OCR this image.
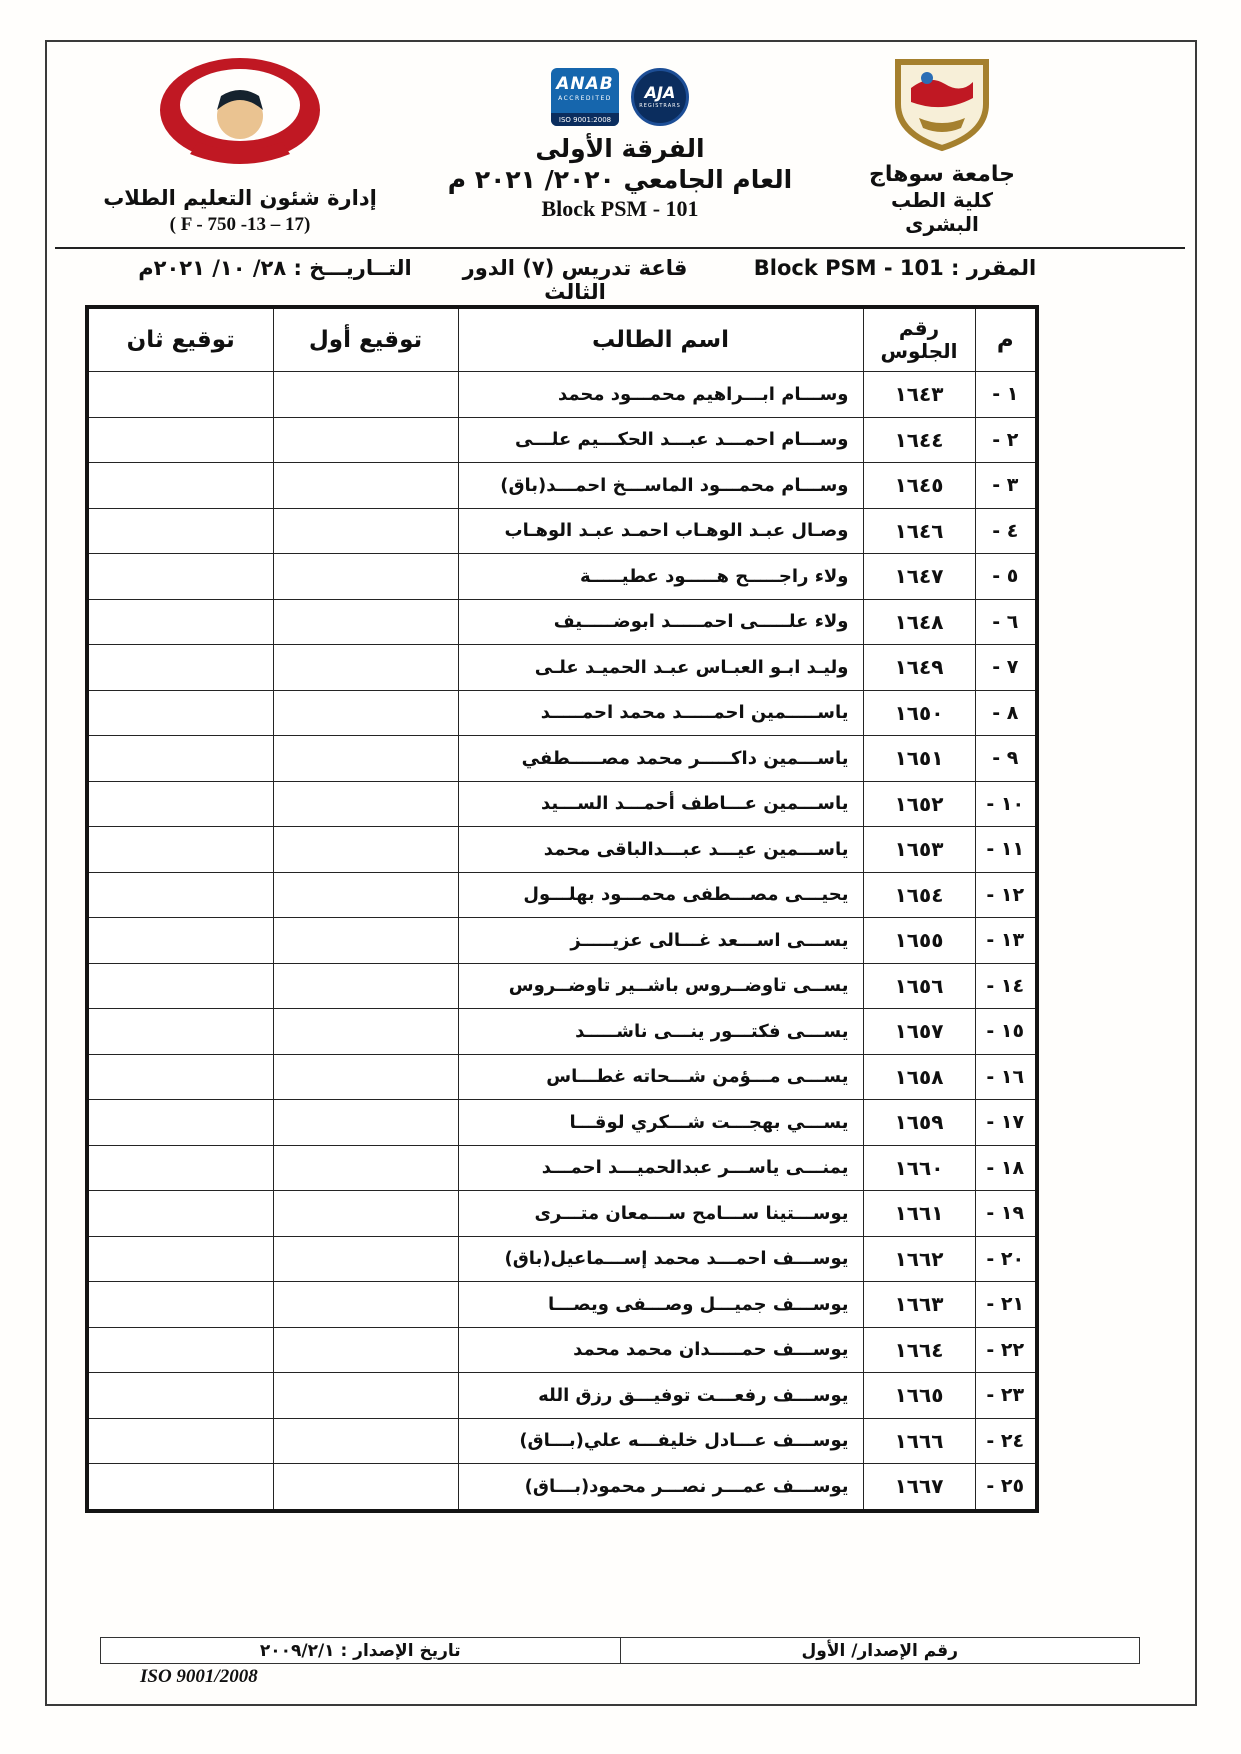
جامعة سوهاج
كلية الطب البشرى
ANAB
ACCREDITED
ISO 9001:2008
AJA
REGISTRARS
الفرقة الأولى
العام الجامعي ٢٠٢٠/ ٢٠٢١ م
Block PSM - 101
إدارة شئون التعليم الطلاب
( F - 750 -13 – 17)
المقرر : Block PSM - 101
قاعة تدريس (٧) الدور الثالث
التــاريـــخ : ٢٨/ ١٠/ ٢٠٢١م
م	رقم الجلوس	اسم الطالب	توقيع أول	توقيع ثان
١ -	١٦٤٣	وســـام ابـــراهيم محمـــود محمد		
٢ -	١٦٤٤	وســـام احمـــد عبـــد الحكـــيم علـــى		
٣ -	١٦٤٥	وســـام محمـــود الماســـخ احمـــد(باق)		
٤ -	١٦٤٦	وصـال عبـد الوهـاب احمـد عبـد الوهـاب		
٥ -	١٦٤٧	ولاء راجـــــح هـــــود عطيـــــة		
٦ -	١٦٤٨	ولاء علـــــى احمـــــد ابوضـــــيف		
٧ -	١٦٤٩	وليـد ابـو العبـاس عبـد الحميـد علـى		
٨ -	١٦٥٠	ياســـــمين احمـــــد محمد احمـــــد		
٩ -	١٦٥١	ياســـمين داكـــــر محمد مصـــــطفي		
١٠ -	١٦٥٢	ياســـمين عـــاطف أحمـــد الســـيد		
١١ -	١٦٥٣	ياســـمين عيـــد عبـــدالباقى محمد		
١٢ -	١٦٥٤	يحيـــى مصـــطفى محمـــود بهلـــول		
١٣ -	١٦٥٥	يســـى اســـعد غـــالى عزيـــــز		
١٤ -	١٦٥٦	يســى تاوضــروس باشــير تاوضــروس		
١٥ -	١٦٥٧	يســـى فكتـــور ينـــى ناشـــــد		
١٦ -	١٦٥٨	يســـى مـــؤمن شـــحاته غطـــاس		
١٧ -	١٦٥٩	يســـي بهجـــت شـــكري لوقـــا		
١٨ -	١٦٦٠	يمنـــى ياســـر عبدالحميـــد احمـــد		
١٩ -	١٦٦١	يوســـتينا ســـامح ســـمعان متـــرى		
٢٠ -	١٦٦٢	يوســـف احمـــد محمد إســـماعيل(باق)		
٢١ -	١٦٦٣	يوســـف جميـــل وصـــفى ويصـــا		
٢٢ -	١٦٦٤	يوســـف حمـــــدان محمد محمد		
٢٣ -	١٦٦٥	يوســـف رفعـــت توفيـــق رزق الله		
٢٤ -	١٦٦٦	يوســـف عـــادل خليفـــه علي(بـــاق)		
٢٥ -	١٦٦٧	يوســـف عمـــر نصـــر محمود(بـــاق)		
رقم الإصدار/ الأول
تاريخ الإصدار : ٢٠٠٩/٢/١
ISO 9001/2008
